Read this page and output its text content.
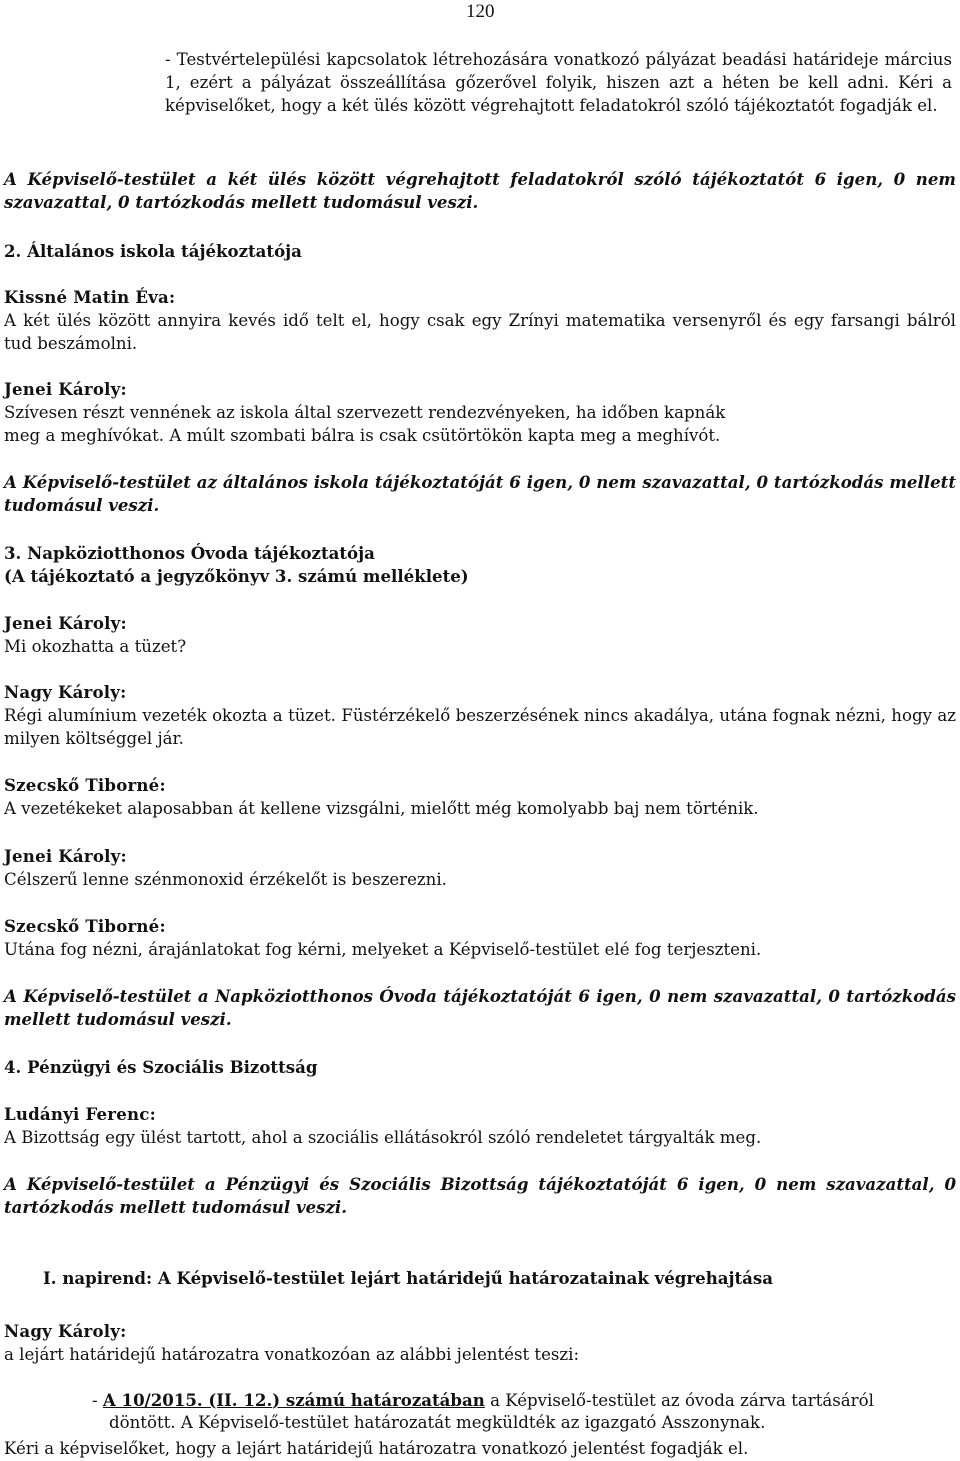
120

- Testvértelepülési kapcsolatok létrehozására vonatkozó pályázat beadási határideje március 1, ezért a pályázat összeállítása gőzerővel folyik, hiszen azt a héten be kell adni. Kéri a képviselőket, hogy a két ülés között végrehajtott feladatokról szóló tájékoztatót fogadják el.

A Képviselő-testület a két ülés között végrehajtott feladatokról szóló tájékoztatót 6 igen, 0 nem szavazattal, 0 tartózkodás mellett tudomásul veszi.

2. Általános iskola tájékoztatója

Kissné Matin Éva:

A két ülés között annyira kevés idő telt el, hogy csak egy Zrínyi matematika versenyről és egy farsangi bálról tud beszámolni.

Jenei Károly:

Szívesen részt vennének az iskola által szervezett rendezvényeken, ha időben kapnák meg a meghívókat. A múlt szombati bálra is csak csütörtökön kapta meg a meghívót.

A Képviselő-testület az általános iskola tájékoztatóját 6 igen, 0 nem szavazattal, 0 tartózkodás mellett tudomásul veszi.

3. Napköziotthonos Óvoda tájékoztatója

(A tájékoztató a jegyzőkönyv 3. számú melléklete)

Jenei Károly:

Mi okozhatta a tüzet?

Nagy Károly:

Régi alumínium vezeték okozta a tüzet. Füstérzékelő beszerzésének nincs akadálya, utána fognak nézni, hogy az milyen költséggel jár.

Szecskő Tiborné:

A vezetékeket alaposabban át kellene vizsgálni, mielőtt még komolyabb baj nem történik.

Jenei Károly:

Célszerű lenne szénmonoxid érzékelőt is beszerezni.

Szecskő Tiborné:

Utána fog nézni, árajánlatokat fog kérni, melyeket a Képviselő-testület elé fog terjeszteni.

A Képviselő-testület a Napköziotthonos Óvoda tájékoztatóját 6 igen, 0 nem szavazattal, 0 tartózkodás mellett tudomásul veszi.

4. Pénzügyi és Szociális Bizottság

Ludányi Ferenc:

A Bizottság egy ülést tartott, ahol a szociális ellátásokról szóló rendeletet tárgyalták meg.

A Képviselő-testület a Pénzügyi és Szociális Bizottság tájékoztatóját 6 igen, 0 nem szavazattal, 0 tartózkodás mellett tudomásul veszi.

I. napirend: A Képviselő-testület lejárt határidejű határozatainak végrehajtása

Nagy Károly:

a lejárt határidejű határozatra vonatkozóan az alábbi jelentést teszi:

- A 10/2015. (II. 12.) számú határozatában a Képviselő-testület az óvoda zárva tartásáról

döntött. A Képviselő-testület határozatát megküldték az igazgató Asszonynak.

Kéri a képviselőket, hogy a lejárt határidejű határozatra vonatkozó jelentést fogadják el.
